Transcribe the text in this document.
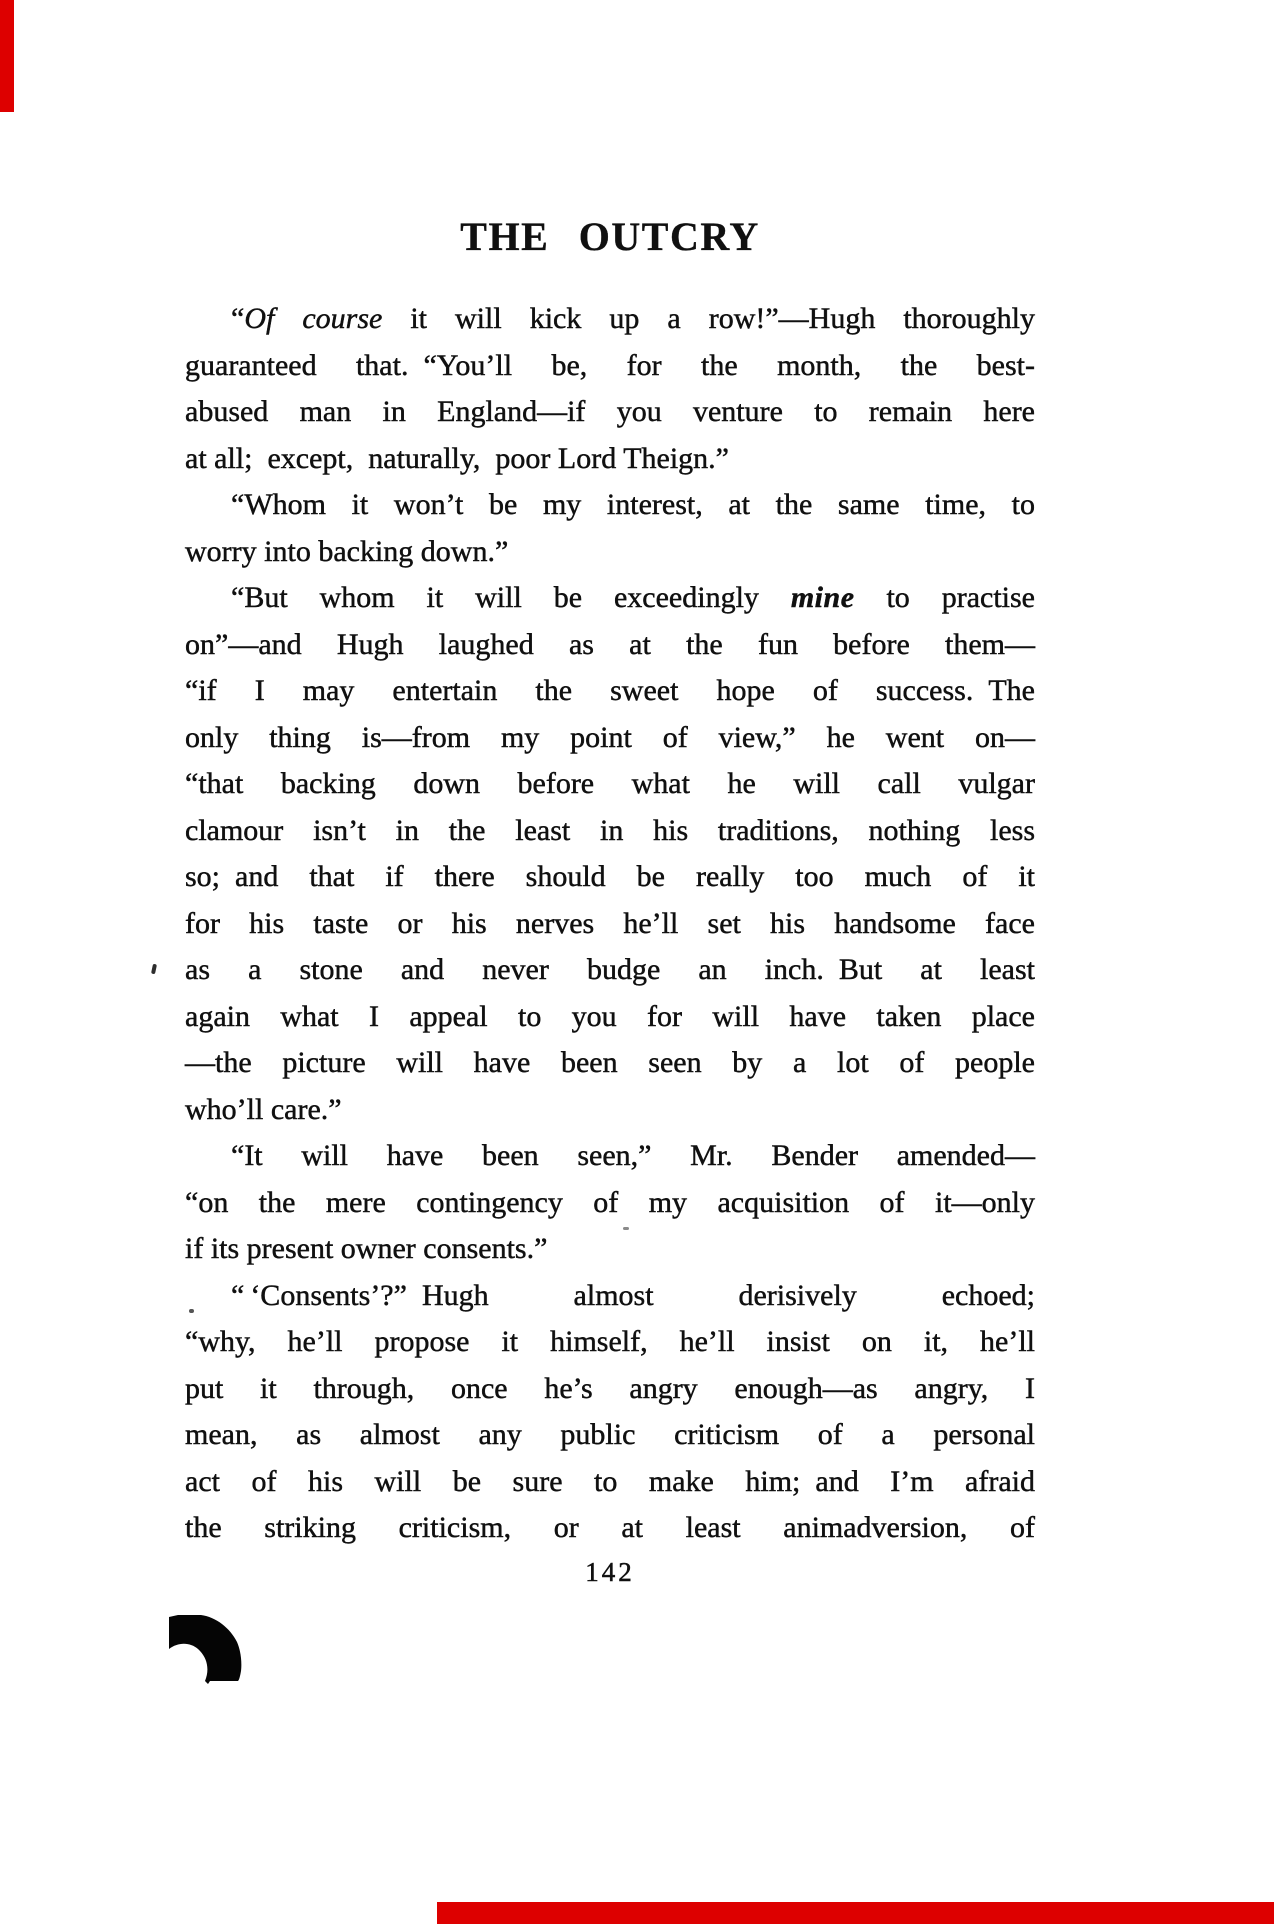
THE OUTCRY
“Of course it will kick up a row!”—Hugh thoroughly
guaranteed that. “You’ll be, for the month, the best-
abused man in England—if you venture to remain here
at all; except, naturally, poor Lord Theign.”
“Whom it won’t be my interest, at the same time, to
worry into backing down.”
“But whom it will be exceedingly mine to practise
on”—and Hugh laughed as at the fun before them—
“if I may entertain the sweet hope of success. The
only thing is—from my point of view,” he went on—
“that backing down before what he will call vulgar
clamour isn’t in the least in his traditions, nothing less
so; and that if there should be really too much of it
for his taste or his nerves he’ll set his handsome face
as a stone and never budge an inch. But at least
again what I appeal to you for will have taken place
—the picture will have been seen by a lot of people
who’ll care.”
“It will have been seen,” Mr. Bender amended—
“on the mere contingency of my acquisition of it—only
if its present owner consents.”
“ ‘Consents’?” Hugh almost derisively echoed;
“why, he’ll propose it himself, he’ll insist on it, he’ll
put it through, once he’s angry enough—as angry, I
mean, as almost any public criticism of a personal
act of his will be sure to make him; and I’m afraid
the striking criticism, or at least animadversion, of
142
